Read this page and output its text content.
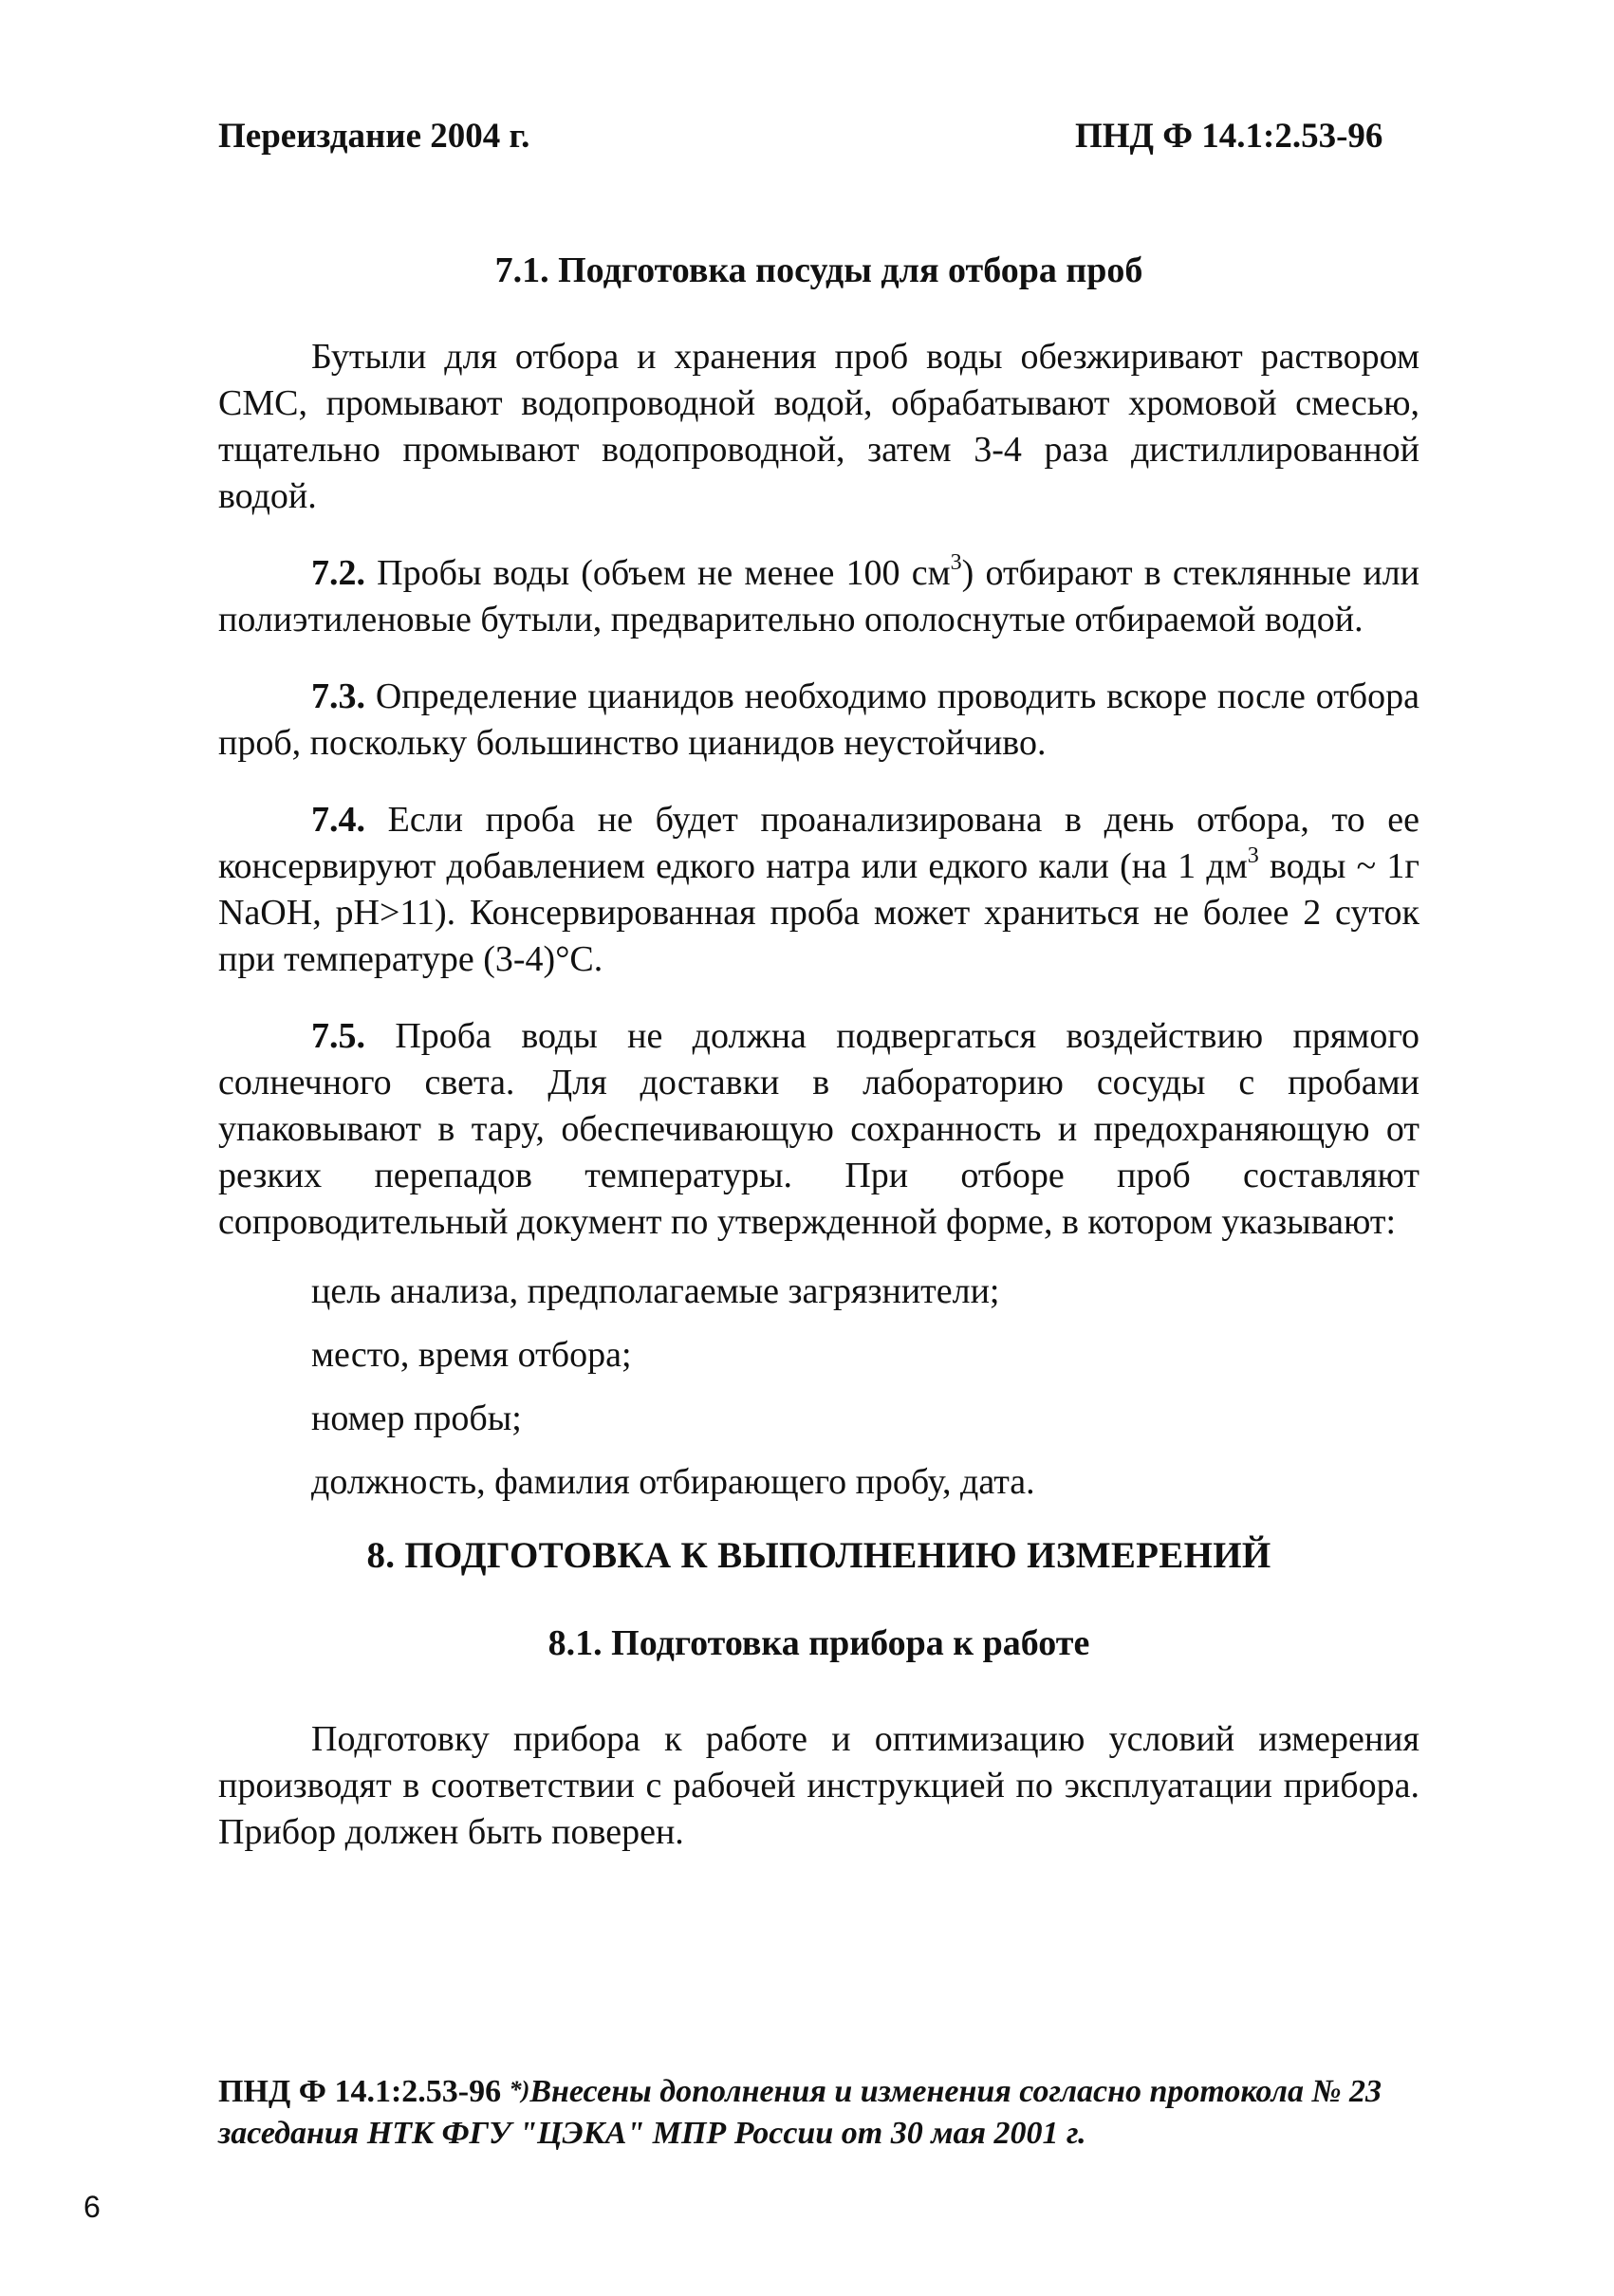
Переиздание 2004 г.	ПНД Ф 14.1:2.53-96
7.1. Подготовка посуды для отбора проб

Бутыли для отбора и хранения проб воды обезжиривают раствором СМС, промывают водопроводной водой, обрабатывают хромовой смесью, тщательно промывают водопроводной, затем 3-4 раза дистиллированной водой.

7.2. Пробы воды (объем не менее 100 $см^3$) отбирают в стеклянные или полиэтиленовые бутыли, предварительно ополоснутые отбираемой водой.

7.3. Определение цианидов необходимо проводить вскоре после отбора проб, поскольку большинство цианидов неустойчиво.

7.4. Если проба не будет проанализирована в день отбора, то ее консервируют добавлением едкого натра или едкого кали (на 1 $дм^3$ воды ~ 1г NaOH, pH>11). Консервированная проба может храниться не более 2 суток при температуре (3-4)°С.

7.5. Проба воды не должна подвергаться воздействию прямого солнечного света. Для доставки в лабораторию сосуды с пробами упаковывают в тару, обеспечивающую сохранность и предохраняющую от резких перепадов температуры. При отборе проб составляют сопроводительный документ по утвержденной форме, в котором указывают:

цель анализа, предполагаемые загрязнители;
место, время отбора;
номер пробы;
должность, фамилия отбирающего пробу, дата.
8. ПОДГОТОВКА К ВЫПОЛНЕНИЮ ИЗМЕРЕНИЙ
8.1. Подготовка прибора к работе

Подготовку прибора к работе и оптимизацию условий измерения производят в соответствии с рабочей инструкцией по эксплуатации прибора. Прибор должен быть поверен.

ПНД Ф 14.1:2.53-96 *)Внесены дополнения и изменения согласно протокола № 23 заседания НТК ФГУ "ЦЭКА" МПР России от 30 мая 2001 г.
6
